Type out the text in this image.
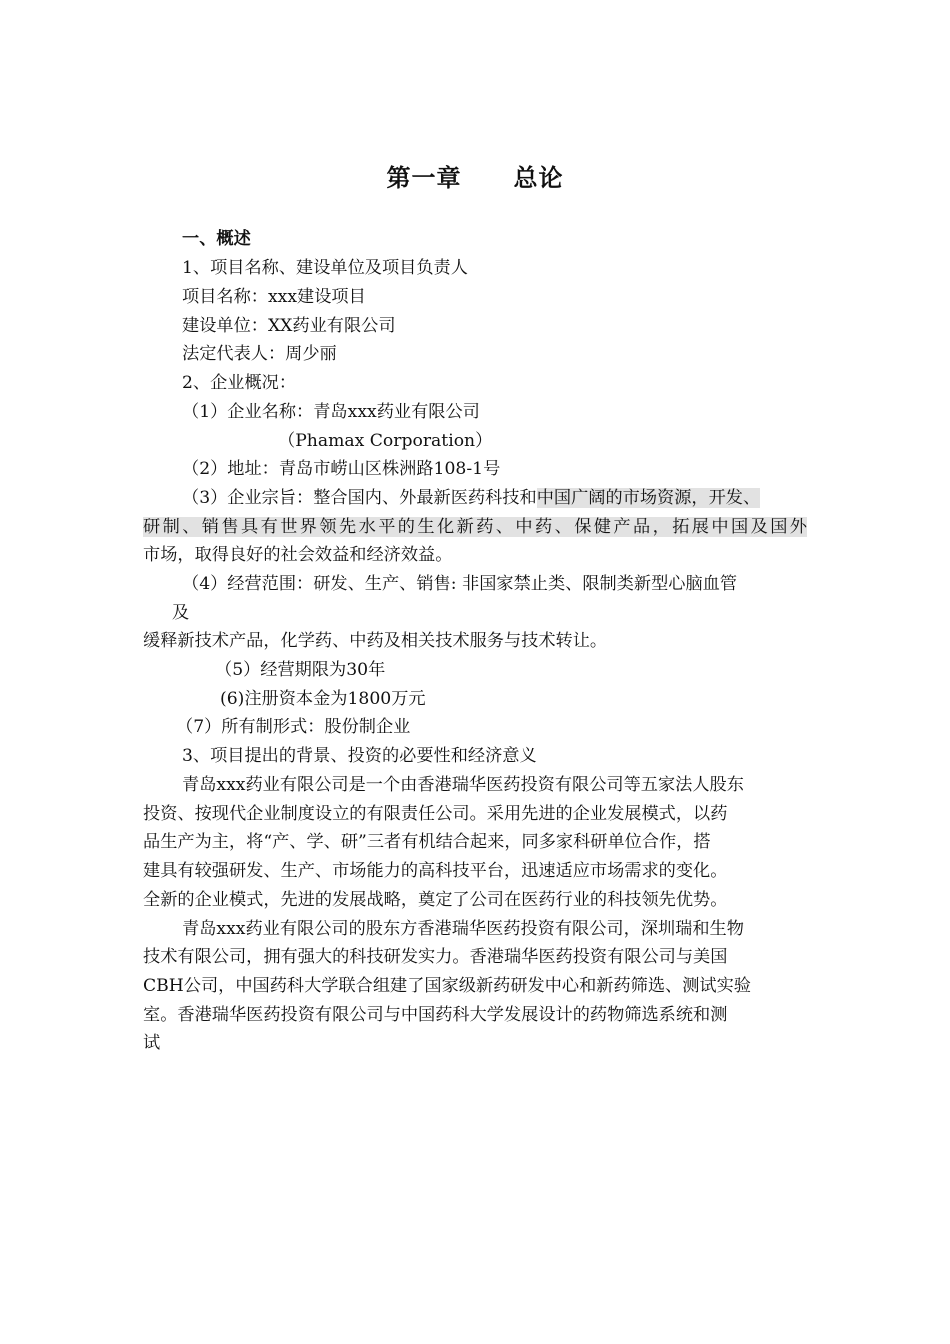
第一章 总论
一、概述
1、项目名称、建设单位及项目负责人
项目名称：xxx建设项目
建设单位：XX药业有限公司
法定代表人：周少丽
2、企业概况：
（1）企业名称：青岛xxx药业有限公司
（Phamax Corporation）
（2）地址：青岛市崂山区株洲路108-1号
（3）企业宗旨：整合国内、外最新医药科技和中国广阔的市场资源，开发、
研制、销售具有世界领先水平的生化新药、中药、保健产品，拓展中国及国外
市场，取得良好的社会效益和经济效益。
（4）经营范围：研发、生产、销售: 非国家禁止类、限制类新型心脑血管
及
缓释新技术产品，化学药、中药及相关技术服务与技术转让。
（5）经营期限为30年
(6)注册资本金为1800万元
（7）所有制形式：股份制企业
3、项目提出的背景、投资的必要性和经济意义
青岛xxx药业有限公司是一个由香港瑞华医药投资有限公司等五家法人股东
投资、按现代企业制度设立的有限责任公司。采用先进的企业发展模式，以药
品生产为主，将“产、学、研”三者有机结合起来，同多家科研单位合作，搭
建具有较强研发、生产、市场能力的高科技平台，迅速适应市场需求的变化。
全新的企业模式，先进的发展战略，奠定了公司在医药行业的科技领先优势。
青岛xxx药业有限公司的股东方香港瑞华医药投资有限公司，深圳瑞和生物
技术有限公司，拥有强大的科技研发实力。香港瑞华医药投资有限公司与美国
CBH公司，中国药科大学联合组建了国家级新药研发中心和新药筛选、测试实验
室。香港瑞华医药投资有限公司与中国药科大学发展设计的药物筛选系统和测
试
